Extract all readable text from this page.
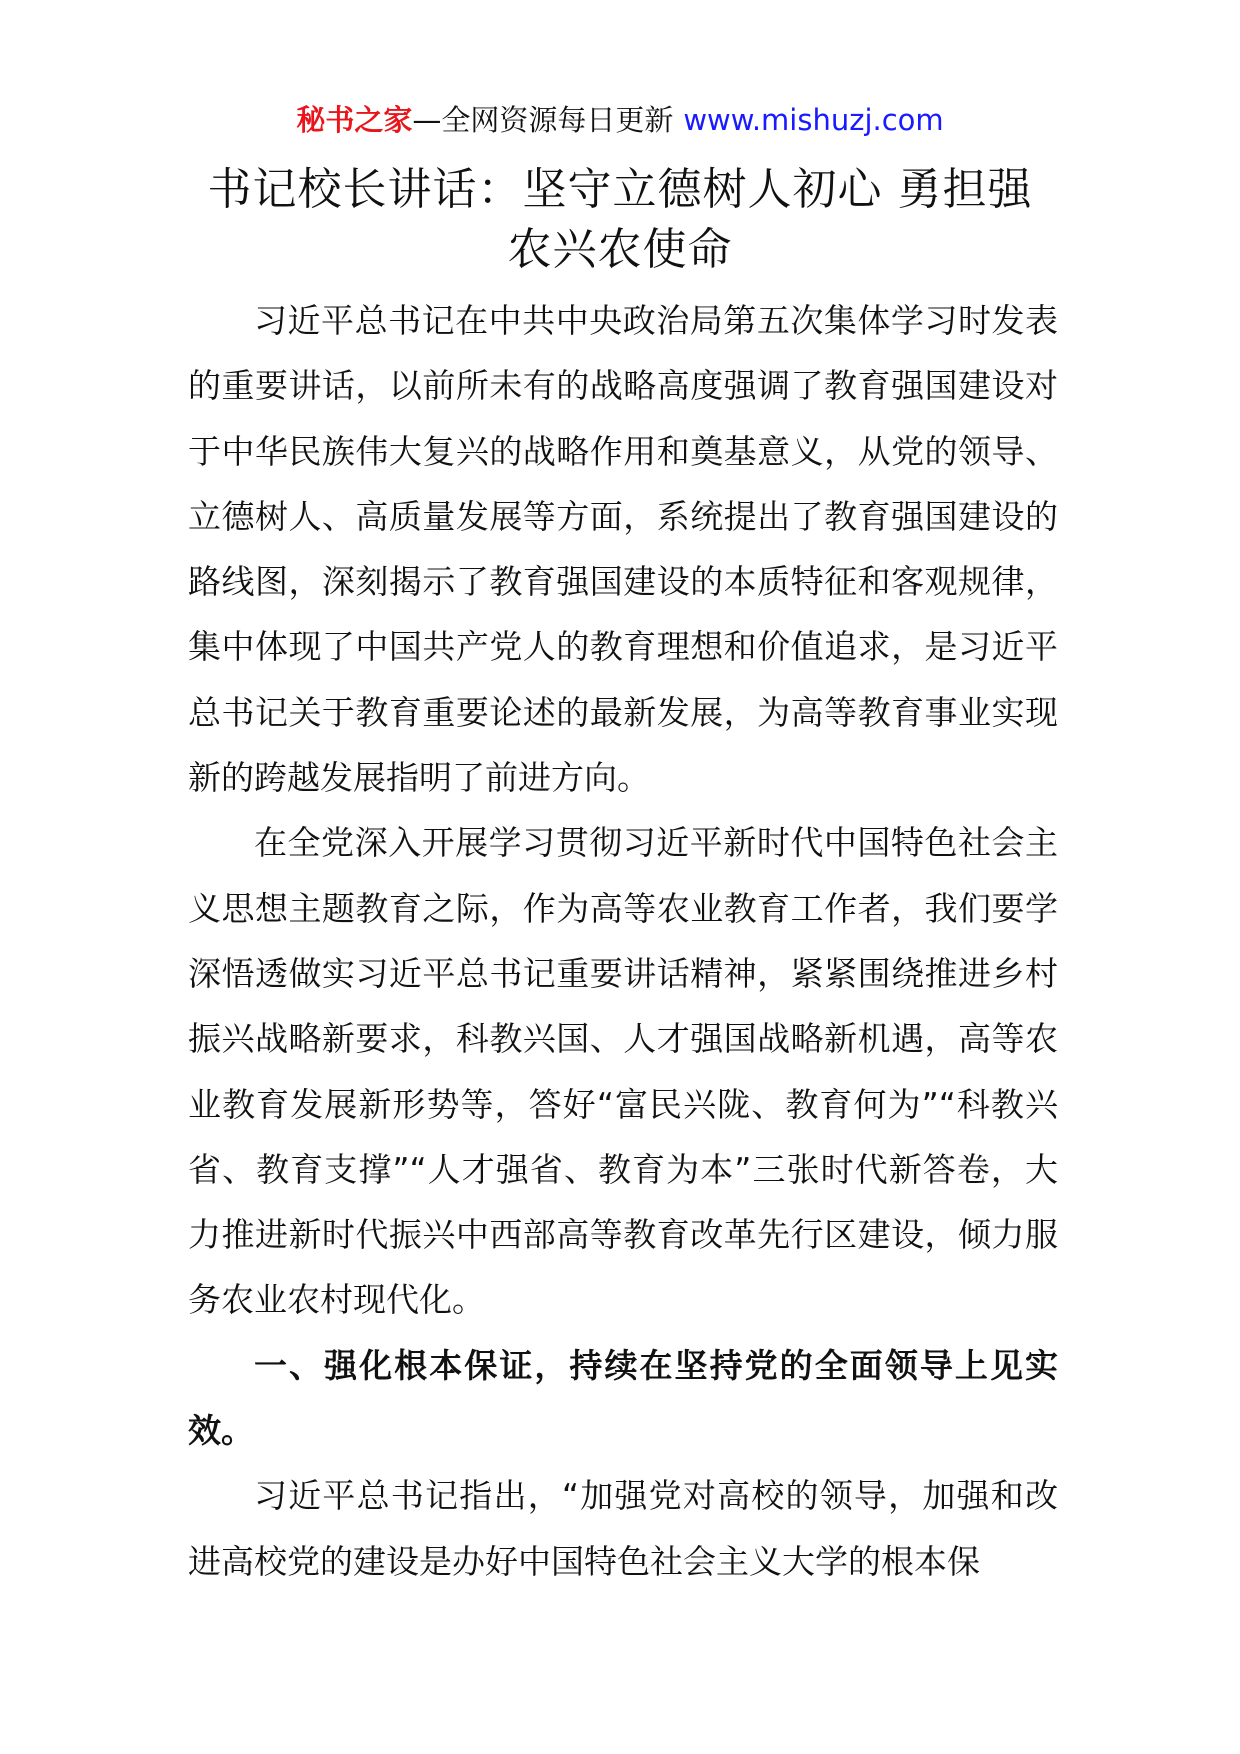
秘书之家—全网资源每日更新 www.mishuzj.com
书记校长讲话：坚守立德树人初心 勇担强农兴农使命

习近平总书记在中共中央政治局第五次集体学习时发表的重要讲话，以前所未有的战略高度强调了教育强国建设对于中华民族伟大复兴的战略作用和奠基意义，从党的领导、立德树人、高质量发展等方面，系统提出了教育强国建设的路线图，深刻揭示了教育强国建设的本质特征和客观规律，集中体现了中国共产党人的教育理想和价值追求，是习近平总书记关于教育重要论述的最新发展，为高等教育事业实现新的跨越发展指明了前进方向。

在全党深入开展学习贯彻习近平新时代中国特色社会主义思想主题教育之际，作为高等农业教育工作者，我们要学深悟透做实习近平总书记重要讲话精神，紧紧围绕推进乡村振兴战略新要求，科教兴国、人才强国战略新机遇，高等农业教育发展新形势等，答好“富民兴陇、教育何为”“科教兴省、教育支撑”“人才强省、教育为本”三张时代新答卷，大力推进新时代振兴中西部高等教育改革先行区建设，倾力服务农业农村现代化。

一、强化根本保证，持续在坚持党的全面领导上见实效。

习近平总书记指出，“加强党对高校的领导，加强和改进高校党的建设是办好中国特色社会主义大学的根本保
